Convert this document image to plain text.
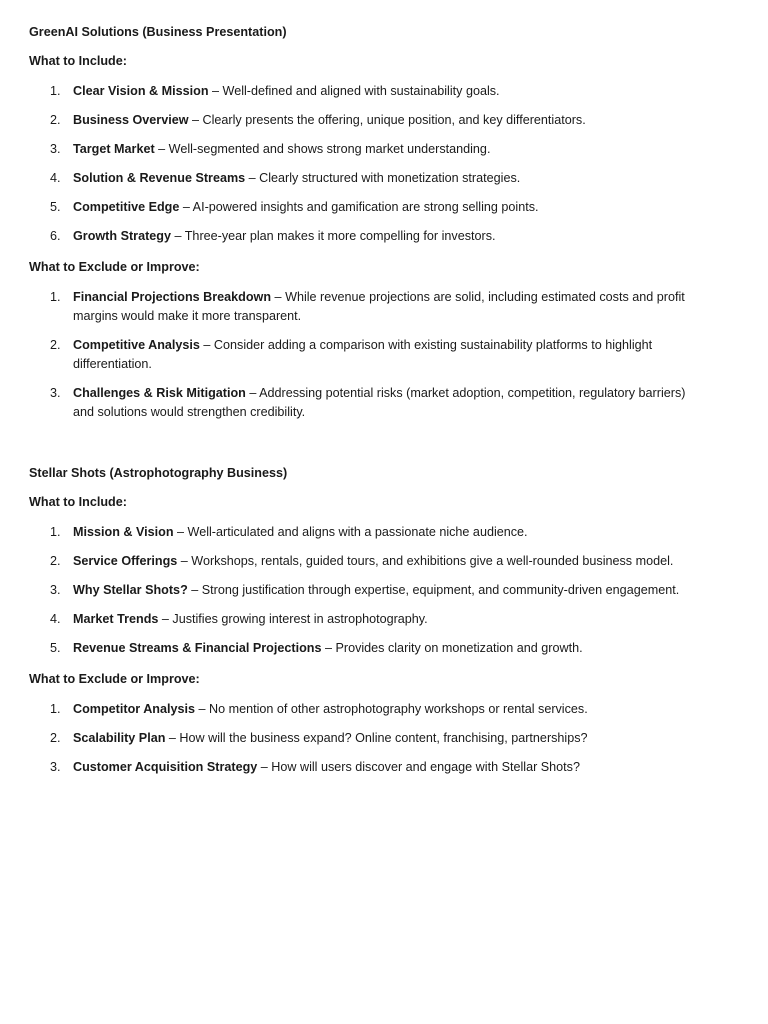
GreenAI Solutions (Business Presentation)

What to Include:

1. Clear Vision & Mission – Well-defined and aligned with sustainability goals.
2. Business Overview – Clearly presents the offering, unique position, and key differentiators.
3. Target Market – Well-segmented and shows strong market understanding.
4. Solution & Revenue Streams – Clearly structured with monetization strategies.
5. Competitive Edge – AI-powered insights and gamification are strong selling points.
6. Growth Strategy – Three-year plan makes it more compelling for investors.

What to Exclude or Improve:

1. Financial Projections Breakdown – While revenue projections are solid, including estimated costs and profit margins would make it more transparent.
2. Competitive Analysis – Consider adding a comparison with existing sustainability platforms to highlight differentiation.
3. Challenges & Risk Mitigation – Addressing potential risks (market adoption, competition, regulatory barriers) and solutions would strengthen credibility.

Stellar Shots (Astrophotography Business)

What to Include:

1. Mission & Vision – Well-articulated and aligns with a passionate niche audience.
2. Service Offerings – Workshops, rentals, guided tours, and exhibitions give a well-rounded business model.
3. Why Stellar Shots? – Strong justification through expertise, equipment, and community-driven engagement.
4. Market Trends – Justifies growing interest in astrophotography.
5. Revenue Streams & Financial Projections – Provides clarity on monetization and growth.

What to Exclude or Improve:

1. Competitor Analysis – No mention of other astrophotography workshops or rental services.
2. Scalability Plan – How will the business expand? Online content, franchising, partnerships?
3. Customer Acquisition Strategy – How will users discover and engage with Stellar Shots?
